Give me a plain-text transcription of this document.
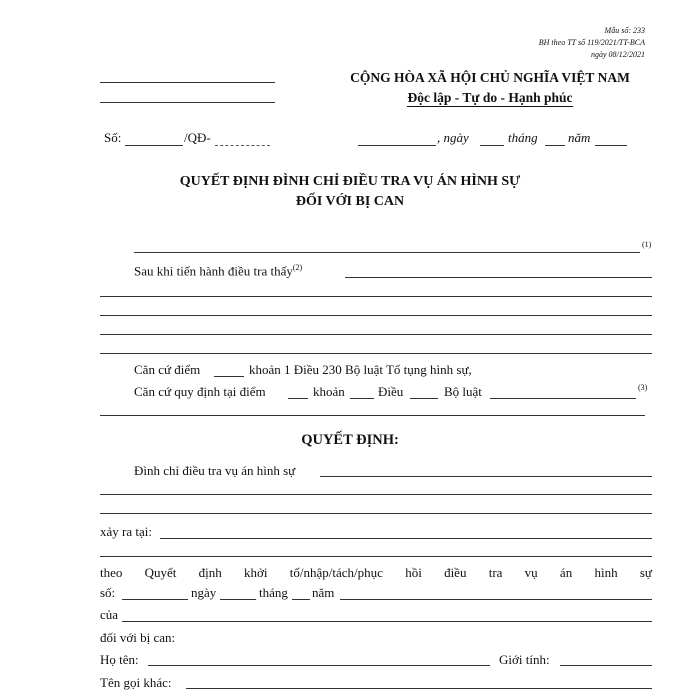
Mẫu số: 233
BH theo TT số 119/2021/TT-BCA
ngày 08/12/2021
CỘNG HÒA XÃ HỘI CHỦ NGHĨA VIỆT NAM
Độc lập - Tự do - Hạnh phúc
Số:	/QĐ-	, ngày	tháng năm
QUYẾT ĐỊNH ĐÌNH CHỈ ĐIỀU TRA VỤ ÁN HÌNH SỰ
ĐỐI VỚI BỊ CAN
(1)
Sau khi tiến hành điều tra thấy$^{(2)}$
Căn cứ điểm	khoản 1 Điều 230 Bộ luật Tố tụng hình sự,
Căn cứ quy định tại điểm	khoản	Điều	Bộ luật	(3)
QUYẾT ĐỊNH:
Đình chỉ điều tra vụ án hình sự
xảy ra tại:
theo Quyết định khởi tố/nhập/tách/phục hồi điều tra vụ án hình sự
số:	ngày	tháng năm
của
đối với bị can:
Họ tên:	Giới tính:
Tên gọi khác:
